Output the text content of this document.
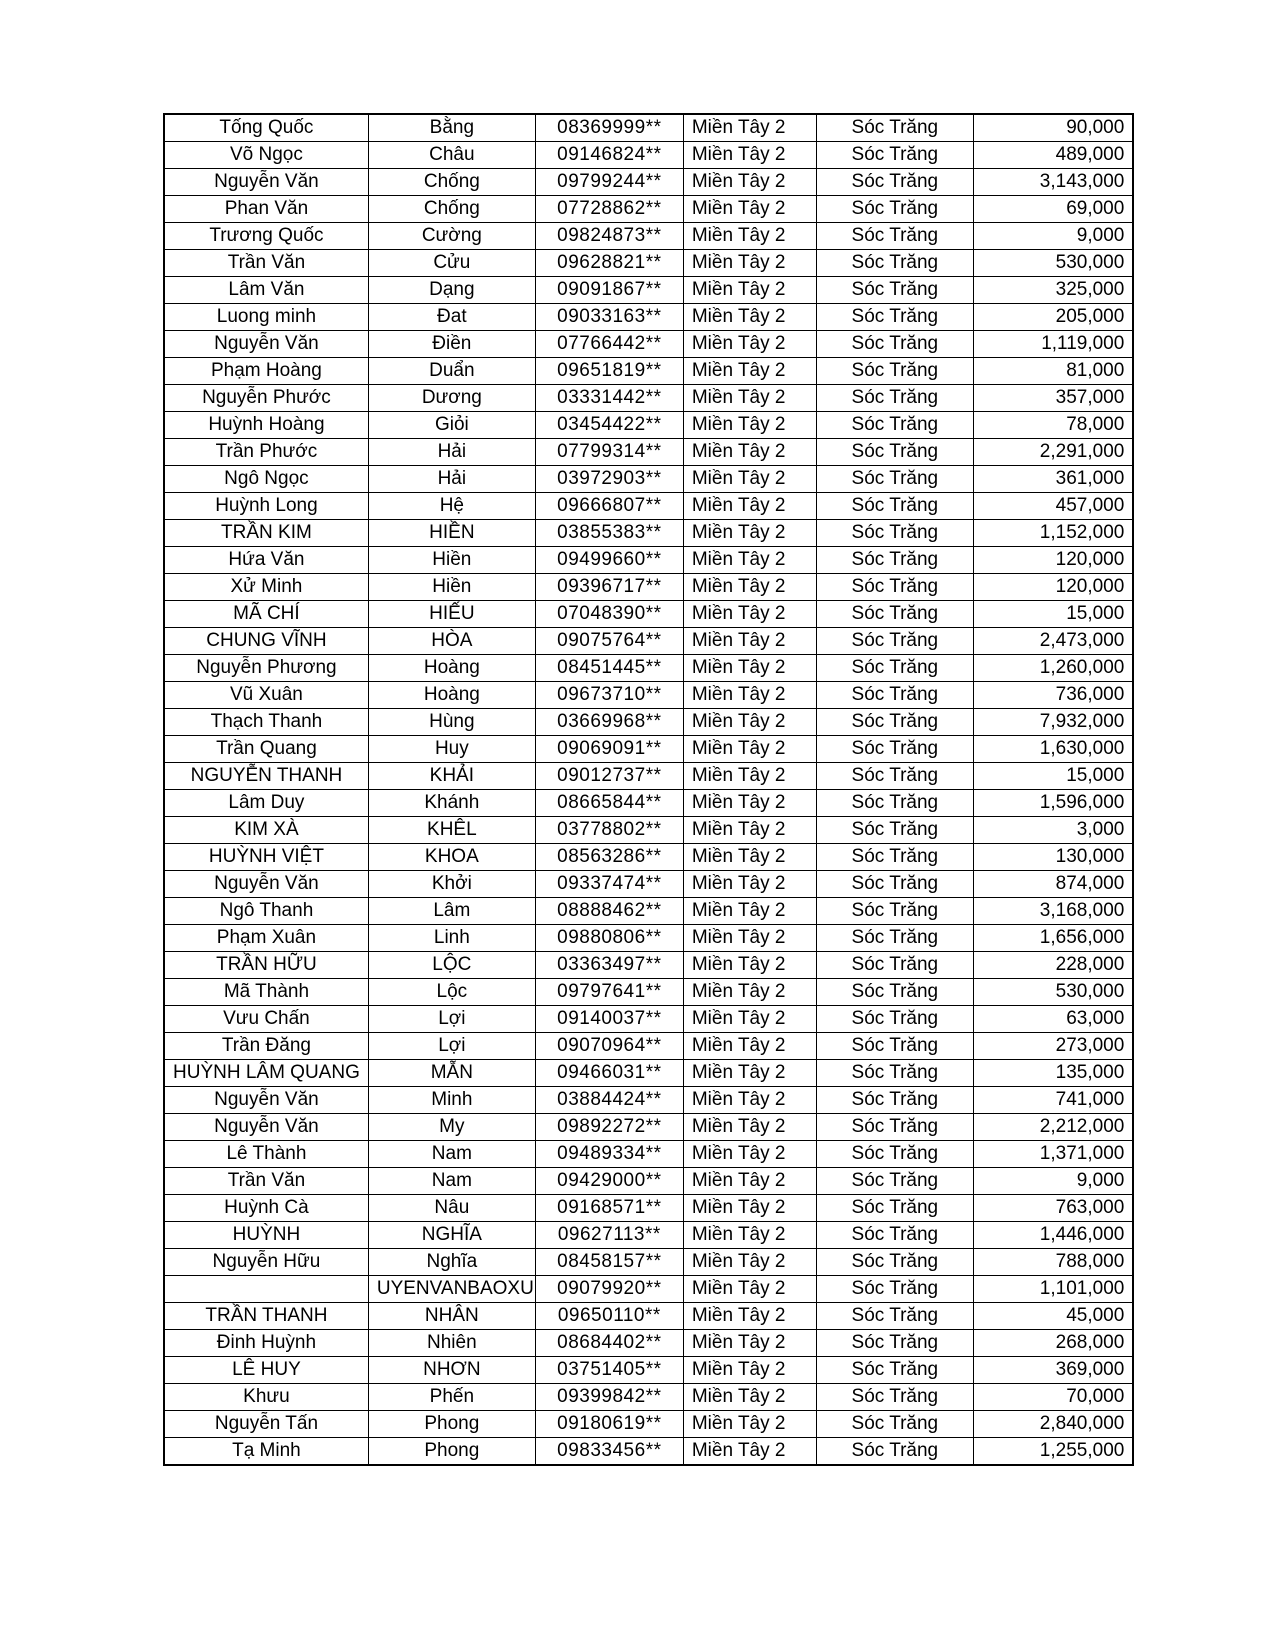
Tống Quốc	Bằng	08369999**	Miền Tây 2	Sóc Trăng	90,000
Võ Ngọc	Châu	09146824**	Miền Tây 2	Sóc Trăng	489,000
Nguyễn Văn	Chống	09799244**	Miền Tây 2	Sóc Trăng	3,143,000
Phan Văn	Chống	07728862**	Miền Tây 2	Sóc Trăng	69,000
Trương Quốc	Cường	09824873**	Miền Tây 2	Sóc Trăng	9,000
Trần Văn	Cửu	09628821**	Miền Tây 2	Sóc Trăng	530,000
Lâm Văn	Dạng	09091867**	Miền Tây 2	Sóc Trăng	325,000
Luong minh	Đat	09033163**	Miền Tây 2	Sóc Trăng	205,000
Nguyễn Văn	Điền	07766442**	Miền Tây 2	Sóc Trăng	1,119,000
Phạm Hoàng	Duẩn	09651819**	Miền Tây 2	Sóc Trăng	81,000
Nguyễn Phước	Dương	03331442**	Miền Tây 2	Sóc Trăng	357,000
Huỳnh Hoàng	Giỏi	03454422**	Miền Tây 2	Sóc Trăng	78,000
Trần Phước	Hải	07799314**	Miền Tây 2	Sóc Trăng	2,291,000
Ngô Ngọc	Hải	03972903**	Miền Tây 2	Sóc Trăng	361,000
Huỳnh Long	Hệ	09666807**	Miền Tây 2	Sóc Trăng	457,000
TRẦN KIM	HIỀN	03855383**	Miền Tây 2	Sóc Trăng	1,152,000
Hứa Văn	Hiền	09499660**	Miền Tây 2	Sóc Trăng	120,000
Xử Minh	Hiền	09396717**	Miền Tây 2	Sóc Trăng	120,000
MÃ CHÍ	HIẾU	07048390**	Miền Tây 2	Sóc Trăng	15,000
CHUNG VĨNH	HÒA	09075764**	Miền Tây 2	Sóc Trăng	2,473,000
Nguyễn Phương	Hoàng	08451445**	Miền Tây 2	Sóc Trăng	1,260,000
Vũ Xuân	Hoàng	09673710**	Miền Tây 2	Sóc Trăng	736,000
Thạch Thanh	Hùng	03669968**	Miền Tây 2	Sóc Trăng	7,932,000
Trần Quang	Huy	09069091**	Miền Tây 2	Sóc Trăng	1,630,000
NGUYỄN THANH	KHẢI	09012737**	Miền Tây 2	Sóc Trăng	15,000
Lâm Duy	Khánh	08665844**	Miền Tây 2	Sóc Trăng	1,596,000
KIM XÀ	KHÊL	03778802**	Miền Tây 2	Sóc Trăng	3,000
HUỲNH VIỆT	KHOA	08563286**	Miền Tây 2	Sóc Trăng	130,000
Nguyễn Văn	Khởi	09337474**	Miền Tây 2	Sóc Trăng	874,000
Ngô Thanh	Lâm	08888462**	Miền Tây 2	Sóc Trăng	3,168,000
Phạm Xuân	Linh	09880806**	Miền Tây 2	Sóc Trăng	1,656,000
TRẦN HỮU	LỘC	03363497**	Miền Tây 2	Sóc Trăng	228,000
Mã Thành	Lộc	09797641**	Miền Tây 2	Sóc Trăng	530,000
Vưu Chấn	Lợi	09140037**	Miền Tây 2	Sóc Trăng	63,000
Trần Đăng	Lợi	09070964**	Miền Tây 2	Sóc Trăng	273,000
HUỲNH LÂM QUANG	MẪN	09466031**	Miền Tây 2	Sóc Trăng	135,000
Nguyễn Văn	Minh	03884424**	Miền Tây 2	Sóc Trăng	741,000
Nguyễn Văn	My	09892272**	Miền Tây 2	Sóc Trăng	2,212,000
Lê Thành	Nam	09489334**	Miền Tây 2	Sóc Trăng	1,371,000
Trần Văn	Nam	09429000**	Miền Tây 2	Sóc Trăng	9,000
Huỳnh Cà	Nâu	09168571**	Miền Tây 2	Sóc Trăng	763,000
HUỲNH	NGHĨA	09627113**	Miền Tây 2	Sóc Trăng	1,446,000
Nguyễn Hữu	Nghĩa	08458157**	Miền Tây 2	Sóc Trăng	788,000
	UYENVANBAOXU	09079920**	Miền Tây 2	Sóc Trăng	1,101,000
TRẦN THANH	NHÂN	09650110**	Miền Tây 2	Sóc Trăng	45,000
Đinh Huỳnh	Nhiên	08684402**	Miền Tây 2	Sóc Trăng	268,000
LÊ HUY	NHƠN	03751405**	Miền Tây 2	Sóc Trăng	369,000
Khưu	Phến	09399842**	Miền Tây 2	Sóc Trăng	70,000
Nguyễn Tấn	Phong	09180619**	Miền Tây 2	Sóc Trăng	2,840,000
Tạ Minh	Phong	09833456**	Miền Tây 2	Sóc Trăng	1,255,000
